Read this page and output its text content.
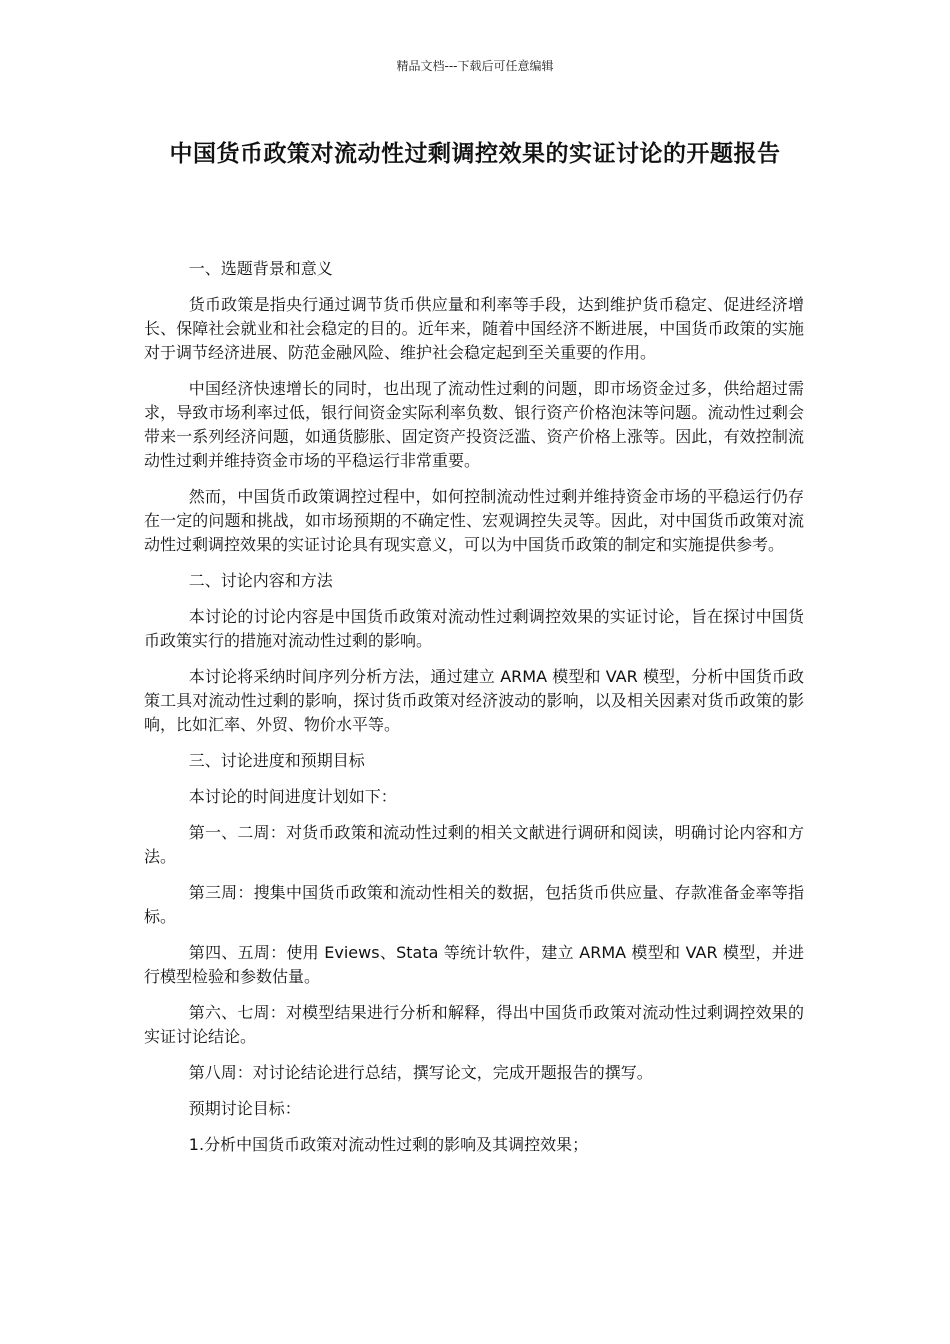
精品文档---下载后可任意编辑
中国货币政策对流动性过剩调控效果的实证讨论的开题报告

一、选题背景和意义

货币政策是指央行通过调节货币供应量和利率等手段，达到维护货币稳定、促进经济增长、保障社会就业和社会稳定的目的。近年来，随着中国经济不断进展，中国货币政策的实施对于调节经济进展、防范金融风险、维护社会稳定起到至关重要的作用。

中国经济快速增长的同时，也出现了流动性过剩的问题，即市场资金过多，供给超过需求，导致市场利率过低，银行间资金实际利率负数、银行资产价格泡沫等问题。流动性过剩会带来一系列经济问题，如通货膨胀、固定资产投资泛滥、资产价格上涨等。因此，有效控制流动性过剩并维持资金市场的平稳运行非常重要。

然而，中国货币政策调控过程中，如何控制流动性过剩并维持资金市场的平稳运行仍存在一定的问题和挑战，如市场预期的不确定性、宏观调控失灵等。因此，对中国货币政策对流动性过剩调控效果的实证讨论具有现实意义，可以为中国货币政策的制定和实施提供参考。

二、讨论内容和方法

本讨论的讨论内容是中国货币政策对流动性过剩调控效果的实证讨论，旨在探讨中国货币政策实行的措施对流动性过剩的影响。

本讨论将采纳时间序列分析方法，通过建立 ARMA 模型和 VAR 模型，分析中国货币政策工具对流动性过剩的影响，探讨货币政策对经济波动的影响，以及相关因素对货币政策的影响，比如汇率、外贸、物价水平等。

三、讨论进度和预期目标

本讨论的时间进度计划如下：

第一、二周：对货币政策和流动性过剩的相关文献进行调研和阅读，明确讨论内容和方法。

第三周：搜集中国货币政策和流动性相关的数据，包括货币供应量、存款准备金率等指标。

第四、五周：使用 Eviews、Stata 等统计软件，建立 ARMA 模型和 VAR 模型，并进行模型检验和参数估量。

第六、七周：对模型结果进行分析和解释，得出中国货币政策对流动性过剩调控效果的实证讨论结论。

第八周：对讨论结论进行总结，撰写论文，完成开题报告的撰写。

预期讨论目标：

1.分析中国货币政策对流动性过剩的影响及其调控效果；
